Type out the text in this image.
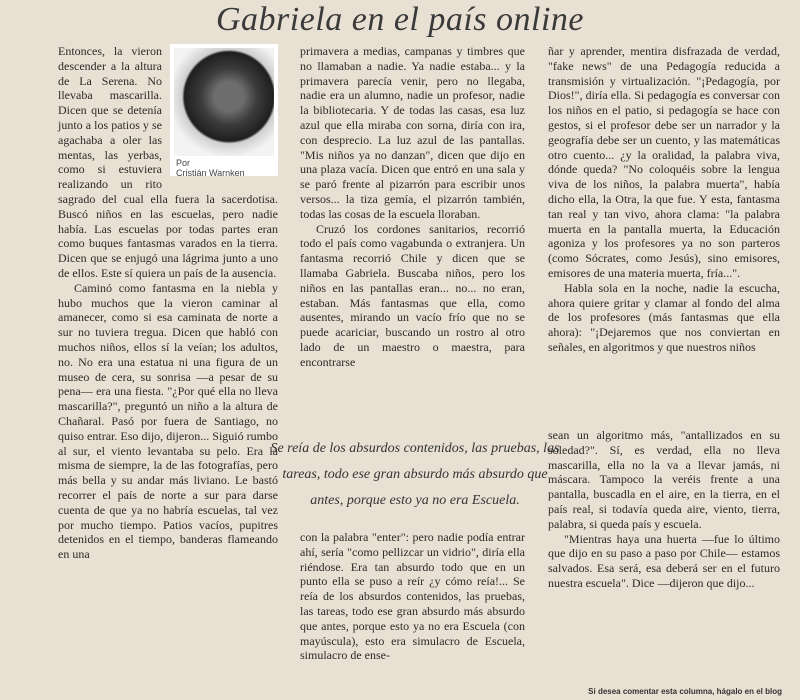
Gabriela en el país online
Por
Cristián Warnken

Entonces, la vieron descender a la altura de La Serena. No llevaba mascarilla. Dicen que se detenía junto a los patios y se agachaba a oler las mentas, las yerbas, como si estuviera realizando un rito sagrado del cual ella fuera la sacerdotisa. Buscó niños en las escuelas, pero nadie había. Las escuelas por todas partes eran como buques fantasmas varados en la tierra. Dicen que se enjugó una lágrima junto a uno de ellos. Este sí quiera un país de la ausencia.

Caminó como fantasma en la niebla y hubo muchos que la vieron caminar al amanecer, como si esa caminata de norte a sur no tuviera tregua. Dicen que habló con muchos niños, ellos sí la veían; los adultos, no. No era una estatua ni una figura de un museo de cera, su sonrisa —a pesar de su pena— era una fiesta. "¿Por qué ella no lleva mascarilla?", preguntó un niño a la altura de Chañaral. Pasó por fuera de Santiago, no quiso entrar. Eso dijo, dijeron... Siguió rumbo al sur, el viento levantaba su pelo. Era la misma de siempre, la de las fotografías, pero más bella y su andar más liviano. Le bastó recorrer el país de norte a sur para darse cuenta de que ya no habría escuelas, tal vez por mucho tiempo. Patios vacíos, pupitres detenidos en el tiempo, banderas flameando en una

primavera a medias, campanas y timbres que no llamaban a nadie. Ya nadie estaba... y la primavera parecía venir, pero no llegaba, nadie era un alumno, nadie un profesor, nadie la bibliotecaria. Y de todas las casas, esa luz azul que ella miraba con sorna, diría con ira, con desprecio. La luz azul de las pantallas. "Mis niños ya no danzan", dicen que dijo en una plaza vacía. Dicen que entró en una sala y se paró frente al pizarrón para escribir unos versos... la tiza gemía, el pizarrón también, todas las cosas de la escuela lloraban.

Cruzó los cordones sanitarios, recorrió todo el país como vagabunda o extranjera. Un fantasma recorrió Chile y dicen que se llamaba Gabriela. Buscaba niños, pero los niños en las pantallas eran... no... no eran, estaban. Más fantasmas que ella, como ausentes, mirando un vacío frío que no se puede acariciar, buscando un rostro al otro lado de un maestro o maestra, para encontrarse

Se reía de los absurdos contenidos, las pruebas, las tareas, todo ese gran absurdo más absurdo que antes, porque esto ya no era Escuela.

con la palabra "enter": pero nadie podía entrar ahí, sería "como pellizcar un vidrio", diría ella riéndose. Era tan absurdo todo que en un punto ella se puso a reír ¿y cómo reía!... Se reía de los absurdos contenidos, las pruebas, las tareas, todo ese gran absurdo más absurdo que antes, porque esto ya no era Escuela (con mayúscula), esto era simulacro de Escuela, simulacro de ense-

ñar y aprender, mentira disfrazada de verdad, "fake news" de una Pedagogía reducida a transmisión y virtualización. "¡Pedagogía, por Dios!", diría ella. Si pedagogía es conversar con los niños en el patio, si pedagogía se hace con gestos, si el profesor debe ser un narrador y la geografía debe ser un cuento, y las matemáticas otro cuento... ¿y la oralidad, la palabra viva, dónde queda? "No coloquéis sobre la lengua viva de los niños, la palabra muerta", había dicho ella, la Otra, la que fue. Y esta, fantasma tan real y tan vivo, ahora clama: "la palabra muerta en la pantalla muerta, la Educación agoniza y los profesores ya no son parteros (como Sócrates, como Jesús), sino emisores, emisores de una materia muerta, fría...".

Habla sola en la noche, nadie la escucha, ahora quiere gritar y clamar al fondo del alma de los profesores (más fantasmas que ella ahora): "¡Dejaremos que nos conviertan en señales, en algoritmos y que nuestros niños

sean un algoritmo más, "antallizados en su soledad?". Sí, es verdad, ella no lleva mascarilla, ella no la va a llevar jamás, ni máscara. Tampoco la veréis frente a una pantalla, buscadla en el aire, en la tierra, en el país real, si todavía queda aire, viento, tierra, palabra, si queda país y escuela.

"Mientras haya una huerta —fue lo último que dijo en su paso a paso por Chile— estamos salvados. Esa será, esa deberá ser en el futuro nuestra escuela". Dice —dijeron que dijo...

Si desea comentar esta columna, hágalo en el blog
